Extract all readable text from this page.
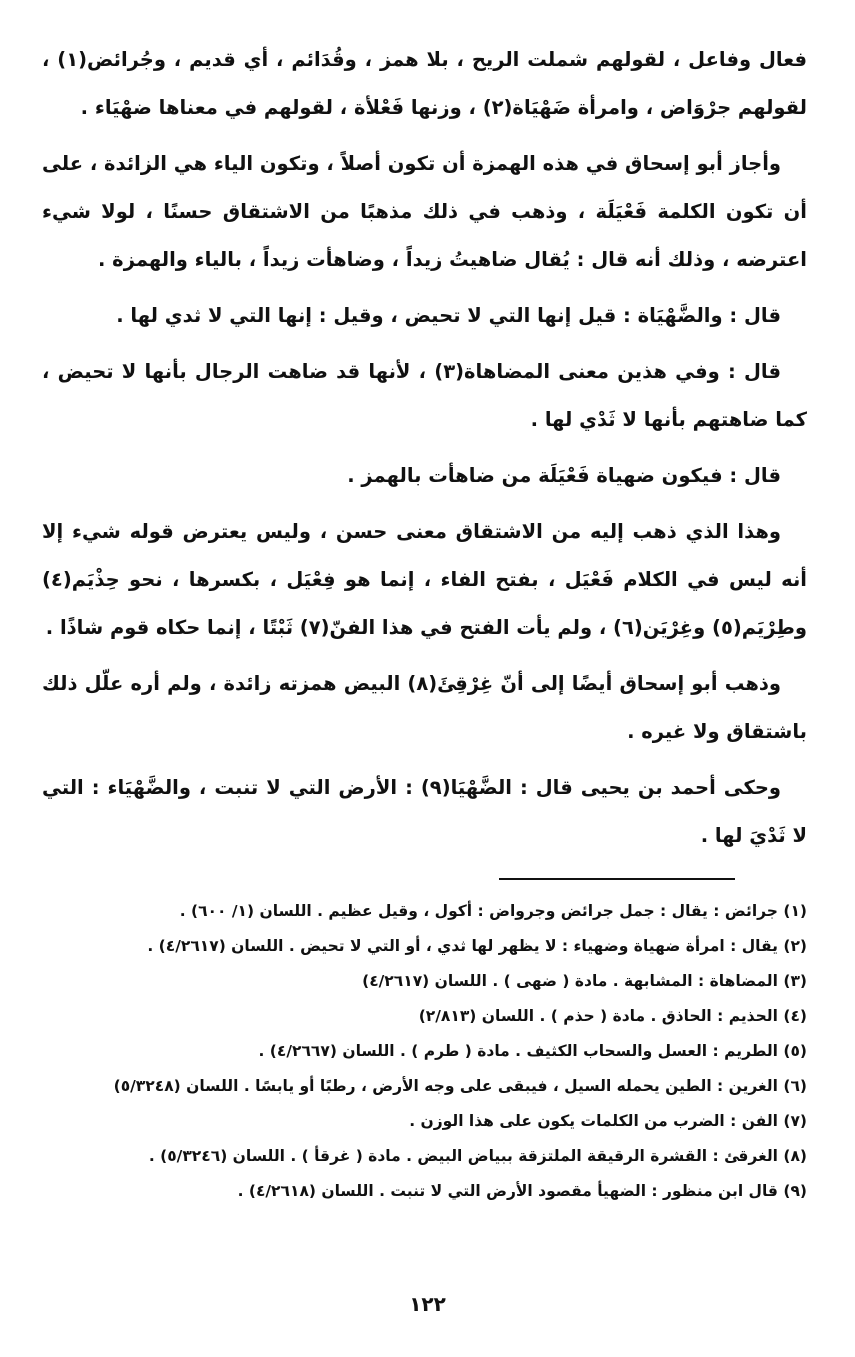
فعال وفاعل ، لقولهم شملت الريح ، بلا همز ، وقُدَائم ، أي قديم ، وجُرائض(١) ، لقولهم جرْوَاض ، وامرأة ضَهْيَاة(٢) ، وزنها فَعْلأة ، لقولهم في معناها ضهْيَاء .

وأجاز أبو إسحاق في هذه الهمزة أن تكون أصلاً ، وتكون الياء هي الزائدة ، على أن تكون الكلمة فَعْيَلَة ، وذهب في ذلك مذهبًا من الاشتقاق حسنًا ، لولا شيء اعترضه ، وذلك أنه قال : يُقال ضاهيتُ زيداً ، وضاهأت زيداً ، بالياء والهمزة .

قال : والضَّهْيَاة : قيل إنها التي لا تحيض ، وقيل : إنها التي لا ثدي لها .

قال : وفي هذين معنى المضاهاة(٣) ، لأنها قد ضاهت الرجال بأنها لا تحيض ، كما ضاهتهم بأنها لا ثَدْي لها .

قال : فيكون ضهياة فَعْيَلَة من ضاهأت بالهمز .

وهذا الذي ذهب إليه من الاشتقاق معنى حسن ، وليس يعترض قوله شيء إلا أنه ليس في الكلام فَعْيَل ، بفتح الفاء ، إنما هو فِعْيَل ، بكسرها ، نحو حِذْيَم(٤) وطِرْيَم(٥) وغِرْيَن(٦) ، ولم يأت الفتح في هذا الفنّ(٧) ثَبْتًا ، إنما حكاه قوم شاذًا .

وذهب أبو إسحاق أيضًا إلى أنّ غِرْقِئَ(٨) البيض همزته زائدة ، ولم أره علّل ذلك باشتقاق ولا غيره .

وحكى أحمد بن يحيى قال : الضَّهْيَا(٩) : الأرض التي لا تنبت ، والضَّهْيَاء : التي لا ثَدْيَ لها .

(١) جرائض : يقال : جمل جرائض وجرواض : أكول ، وقيل عظيم . اللسان (١/ ٦٠٠) .
(٢) يقال : امرأة ضهياة وضهياء : لا يظهر لها ثدي ، أو التي لا تحيض . اللسان (٤/٢٦١٧) .
(٣) المضاهاة : المشابهة . مادة ( ضهى ) . اللسان (٤/٢٦١٧)
(٤) الحذيم : الحاذق . مادة ( حذم ) . اللسان (٢/٨١٣)
(٥) الطريم : العسل والسحاب الكثيف . مادة ( طرم ) . اللسان (٤/٢٦٦٧) .
(٦) الغرين : الطين يحمله السيل ، فيبقى على وجه الأرض ، رطبًا أو يابسًا . اللسان (٥/٣٢٤٨)
(٧) الفن : الضرب من الكلمات يكون على هذا الوزن .
(٨) الغرقئ : القشرة الرقيقة الملتزقة ببياض البيض . مادة ( غرقأ ) . اللسان (٥/٣٢٤٦) .
(٩) قال ابن منظور : الضهيأ مقصود الأرض التي لا تنبت . اللسان (٤/٢٦١٨) .
١٢٢
